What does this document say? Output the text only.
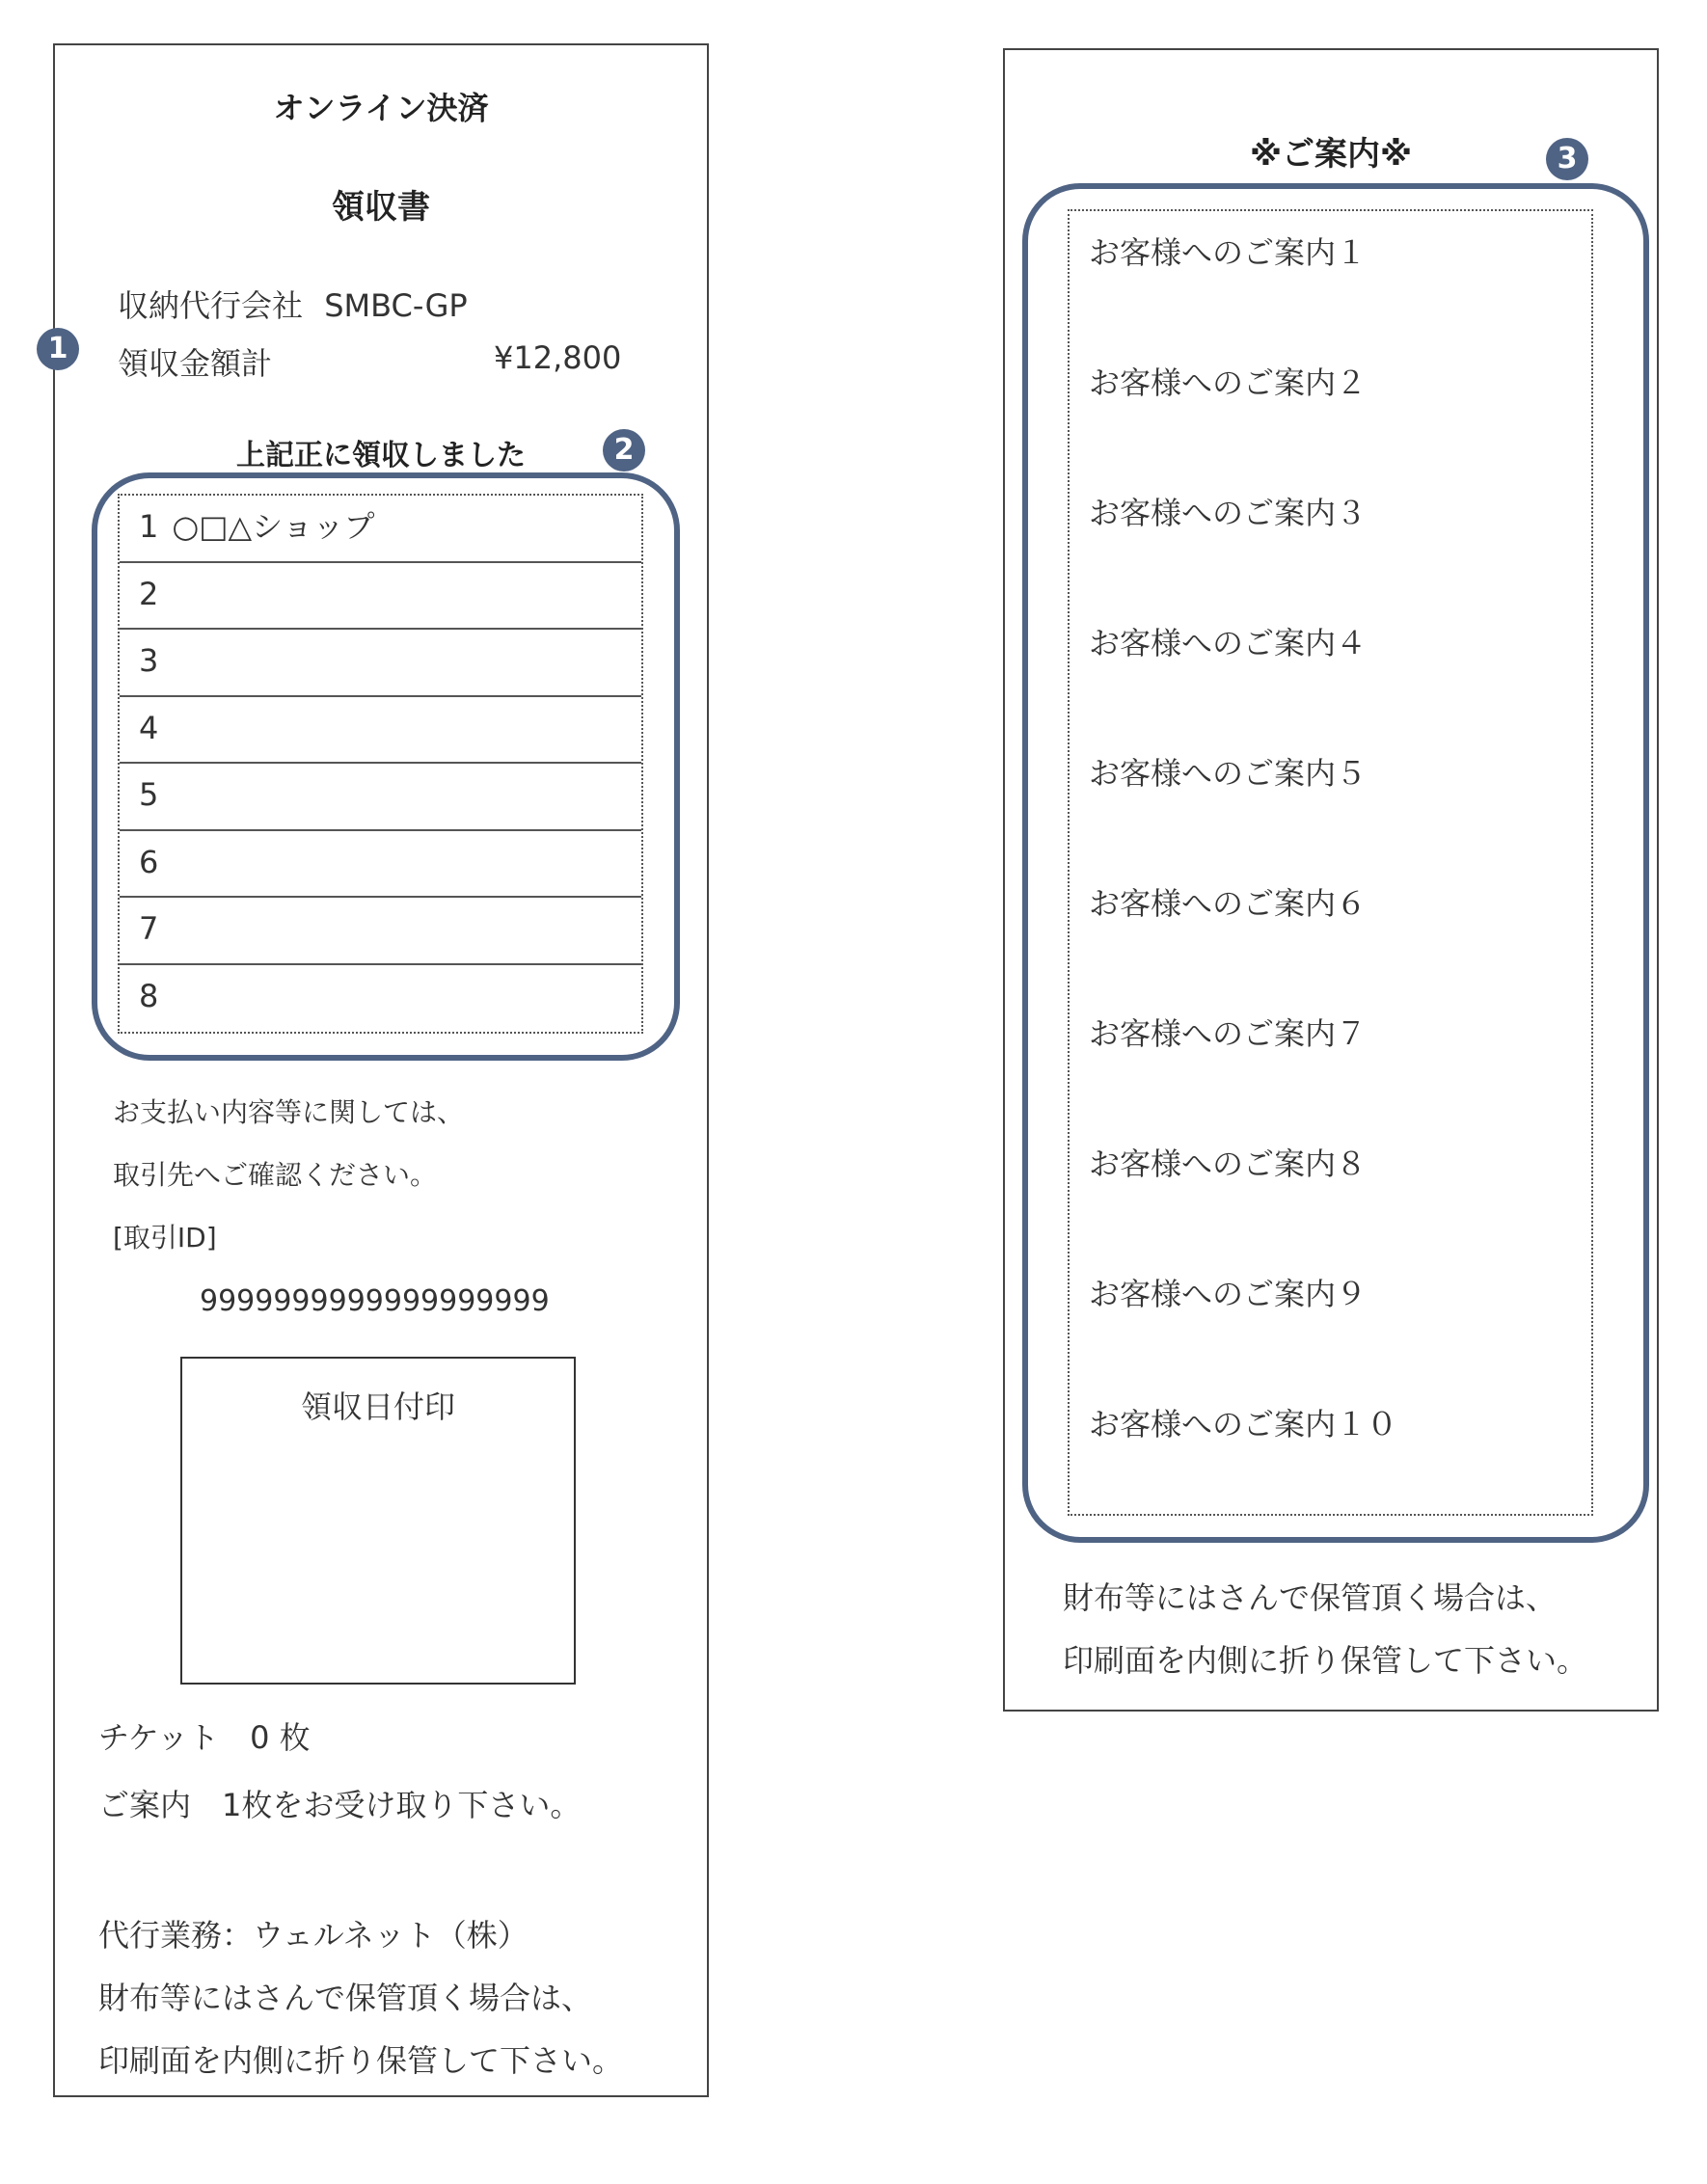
オンライン決済
領収書
収納代行会社 SMBC-GP
領収金額計	¥12,800
上記正に領収しました
1 ○□△ショップ
2
3
4
5
6
7
8
お支払い内容等に関しては、
取引先へご確認ください。
[取引ID]
9999999999999999999
領収日付印
チケット　0 枚
ご案内　1枚をお受け取り下さい。
代行業務：ウェルネット（株）
財布等にはさんで保管頂く場合は、
印刷面を内側に折り保管して下さい。
※ご案内※
お客様へのご案内１
お客様へのご案内２
お客様へのご案内３
お客様へのご案内４
お客様へのご案内５
お客様へのご案内６
お客様へのご案内７
お客様へのご案内８
お客様へのご案内９
お客様へのご案内１０
財布等にはさんで保管頂く場合は、
印刷面を内側に折り保管して下さい。
1
2
3
